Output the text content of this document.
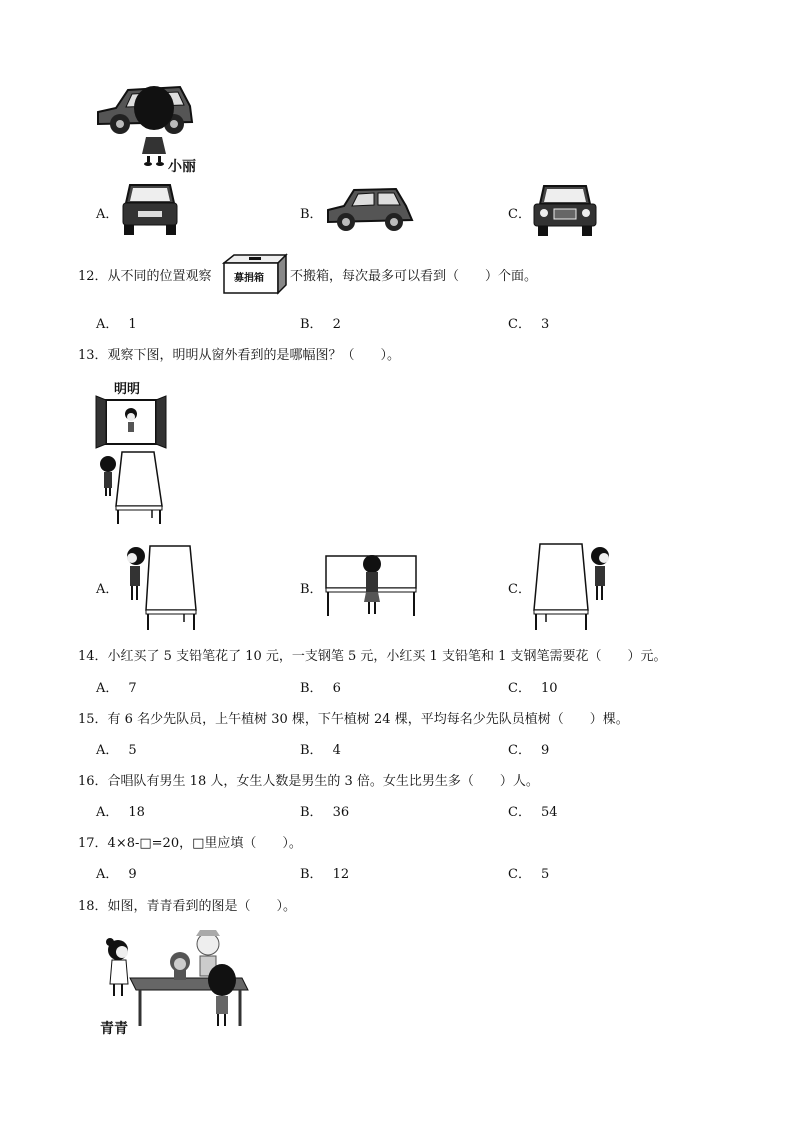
小丽
A．	B．	C．
12．从不同的位置观察 募捐箱 不搬箱，每次最多可以看到（　　）个面。
A． 1	B． 2	C． 3
13．观察下图，明明从窗外看到的是哪幅图？（　　）。
明明
A．	B．	C．
14．小红买了 5 支铅笔花了 10 元，一支钢笔 5 元，小红买 1 支铅笔和 1 支钢笔需要花（　　）元。
A． 7	B． 6	C． 10
15．有 6 名少先队员，上午植树 30 棵，下午植树 24 棵，平均每名少先队员植树（　　）棵。
A． 5	B． 4	C． 9
16．合唱队有男生 18 人，女生人数是男生的 3 倍。女生比男生多（　　）人。
A． 18	B． 36	C． 54
17．4×8-□=20，□里应填（　　）。
A． 9	B． 12	C． 5
18．如图，青青看到的图是（　　）。
青青
